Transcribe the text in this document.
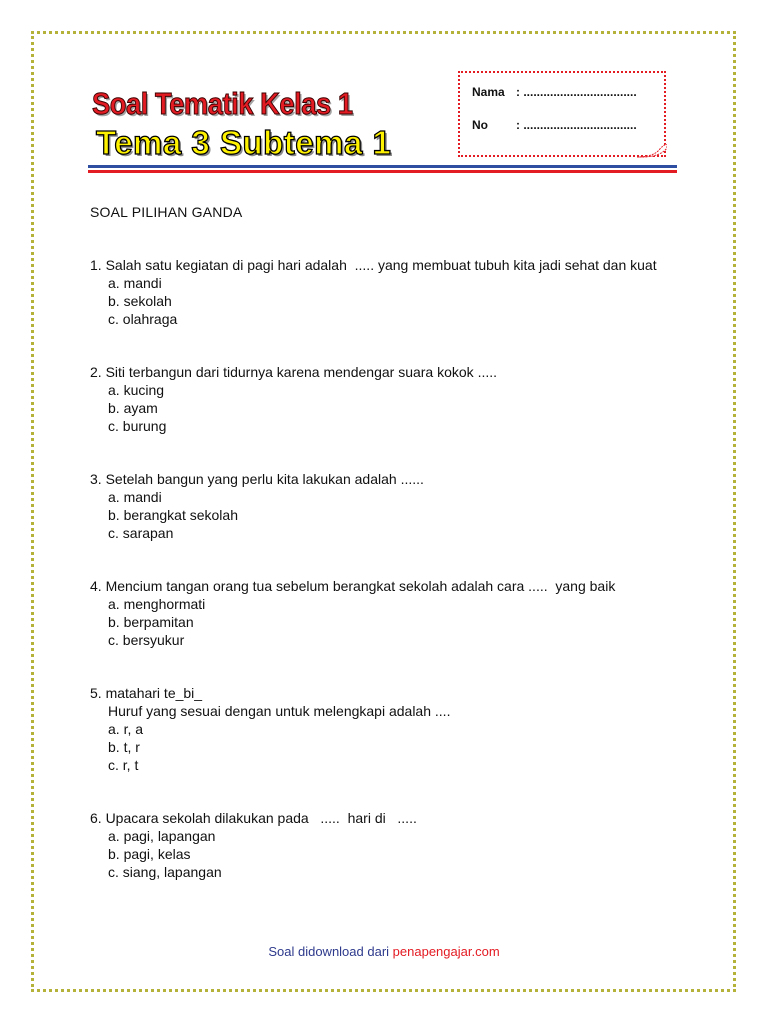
Soal Tematik Kelas 1
Tema 3 Subtema 1
Nama : ..................................
No : ..................................
SOAL PILIHAN GANDA
1. Salah satu kegiatan di pagi hari adalah  ..... yang membuat tubuh kita jadi sehat dan kuat
a. mandi
b. sekolah
c. olahraga
2. Siti terbangun dari tidurnya karena mendengar suara kokok .....
a. kucing
b. ayam
c. burung
3. Setelah bangun yang perlu kita lakukan adalah ......
a. mandi
b. berangkat sekolah
c. sarapan
4. Mencium tangan orang tua sebelum berangkat sekolah adalah cara .....  yang baik
a. menghormati
b. berpamitan
c. bersyukur
5. matahari te_bi_
Huruf yang sesuai dengan untuk melengkapi adalah ....
a. r, a
b. t, r
c. r, t
6. Upacara sekolah dilakukan pada   .....  hari di   .....
a. pagi, lapangan
b. pagi, kelas
c. siang, lapangan
Soal didownload dari penapengajar.com
